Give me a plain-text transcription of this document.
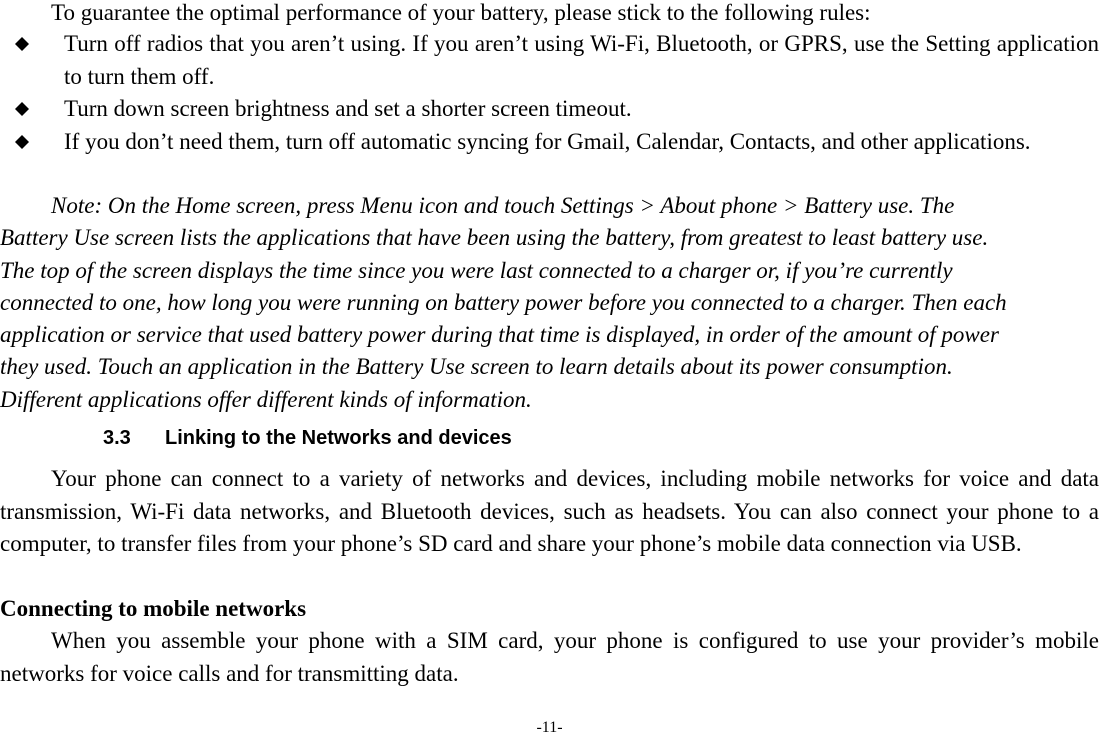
To guarantee the optimal performance of your battery, please stick to the following rules:

Turn off radios that you aren’t using. If you aren’t using Wi-Fi, Bluetooth, or GPRS, use the Setting application to turn them off.
Turn down screen brightness and set a shorter screen timeout.
If you don’t need them, turn off automatic syncing for Gmail, Calendar, Contacts, and other applications.
Note: On the Home screen, press Menu icon and touch Settings > About phone > Battery use. The
Battery Use screen lists the applications that have been using the battery, from greatest to least battery use.
The top of the screen displays the time since you were last connected to a charger or, if you’re currently
connected to one, how long you were running on battery power before you connected to a charger. Then each
application or service that used battery power during that time is displayed, in order of the amount of power
they used. Touch an application in the Battery Use screen to learn details about its power consumption.
Different applications offer different kinds of information.
3.3 Linking to the Networks and devices

Your phone can connect to a variety of networks and devices, including mobile networks for voice and data transmission, Wi-Fi data networks, and Bluetooth devices, such as headsets. You can also connect your phone to a computer, to transfer files from your phone’s SD card and share your phone’s mobile data connection via USB.

Connecting to mobile networks

When you assemble your phone with a SIM card, your phone is configured to use your provider’s mobile networks for voice calls and for transmitting data.

-11-
